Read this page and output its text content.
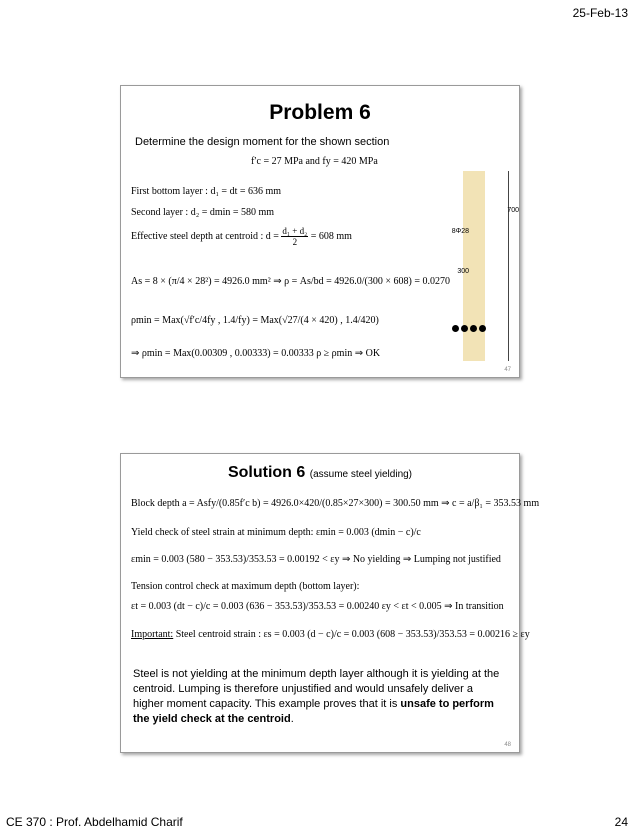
25-Feb-13
Problem 6
Determine the design moment for the shown section
f′c = 27 MPa and fy = 420 MPa
First bottom layer : d₁ = dt = 636 mm
Second layer : d₂ = dmin = 580 mm
Effective steel depth at centroid : $d = \frac{\text{d₁ + d₂}}{2} = 608$ mm
As = 8 × (π/4 × 28²) = 4926.0 mm² ⇒ ρ = As/bd = 4926.0/(300 × 608) = 0.0270
ρmin = Max(√f′c/4fy , 1.4/fy) = Max(√27/(4 × 420) , 1.4/420)
⇒ ρmin = Max(0.00309 , 0.00333) = 0.00333 ρ ≥ ρmin ⇒ OK
700
8Φ28
300
47
Solution 6 (assume steel yielding)
Block depth a = Asfy/(0.85f′c b) = 4926.0×420/(0.85×27×300) = 300.50 mm ⇒ c = a/β₁ = 353.53 mm
Yield check of steel strain at minimum depth: εmin = 0.003 (dmin − c)/c
εmin = 0.003 (580 − 353.53)/353.53 = 0.00192 < εy ⇒ No yielding ⇒ Lumping not justified
Tension control check at maximum depth (bottom layer):
εt = 0.003 (dt − c)/c = 0.003 (636 − 353.53)/353.53 = 0.00240 εy < εt < 0.005 ⇒ In transition
Important: Steel centroid strain : εs = 0.003 (d − c)/c = 0.003 (608 − 353.53)/353.53 = 0.00216 ≥ εy
Steel is not yielding at the minimum depth layer although it is yielding at the centroid. Lumping is therefore unjustified and would unsafely deliver a higher moment capacity. This example proves that it is unsafe to perform the yield check at the centroid.
48
CE 370 : Prof. Abdelhamid Charif	24
